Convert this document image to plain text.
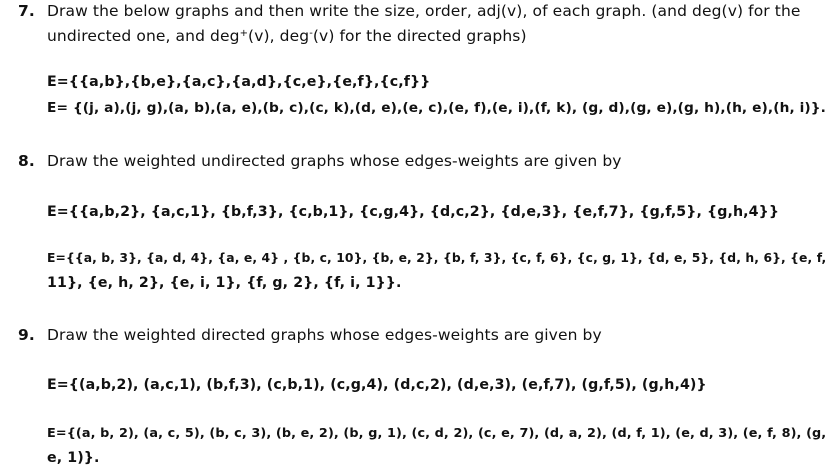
7. Draw the below graphs and then write the size, order, adj(v), of each graph. (and deg(v) for the
undirected one, and deg+(v), deg-(v) for the directed graphs)
E={{a,b},{b,e},{a,c},{a,d},{c,e},{e,f},{c,f}}
E= {(j, a),(j, g),(a, b),(a, e),(b, c),(c, k),(d, e),(e, c),(e, f),(e, i),(f, k), (g, d),(g, e),(g, h),(h, e),(h, i)}.
8. Draw the weighted undirected graphs whose edges-weights are given by
E={{a,b,2}, {a,c,1}, {b,f,3}, {c,b,1}, {c,g,4}, {d,c,2}, {d,e,3}, {e,f,7}, {g,f,5}, {g,h,4}}
E={{a, b, 3}, {a, d, 4}, {a, e, 4} , {b, c, 10}, {b, e, 2}, {b, f, 3}, {c, f, 6}, {c, g, 1}, {d, e, 5}, {d, h, 6}, {e, f,
11}, {e, h, 2}, {e, i, 1}, {f, g, 2}, {f, i, 1}}.
9. Draw the weighted directed graphs whose edges-weights are given by
E={(a,b,2), (a,c,1), (b,f,3), (c,b,1), (c,g,4), (d,c,2), (d,e,3), (e,f,7), (g,f,5), (g,h,4)}
E={(a, b, 2), (a, c, 5), (b, c, 3), (b, e, 2), (b, g, 1), (c, d, 2), (c, e, 7), (d, a, 2), (d, f, 1), (e, d, 3), (e, f, 8), (g,
e, 1)}.
